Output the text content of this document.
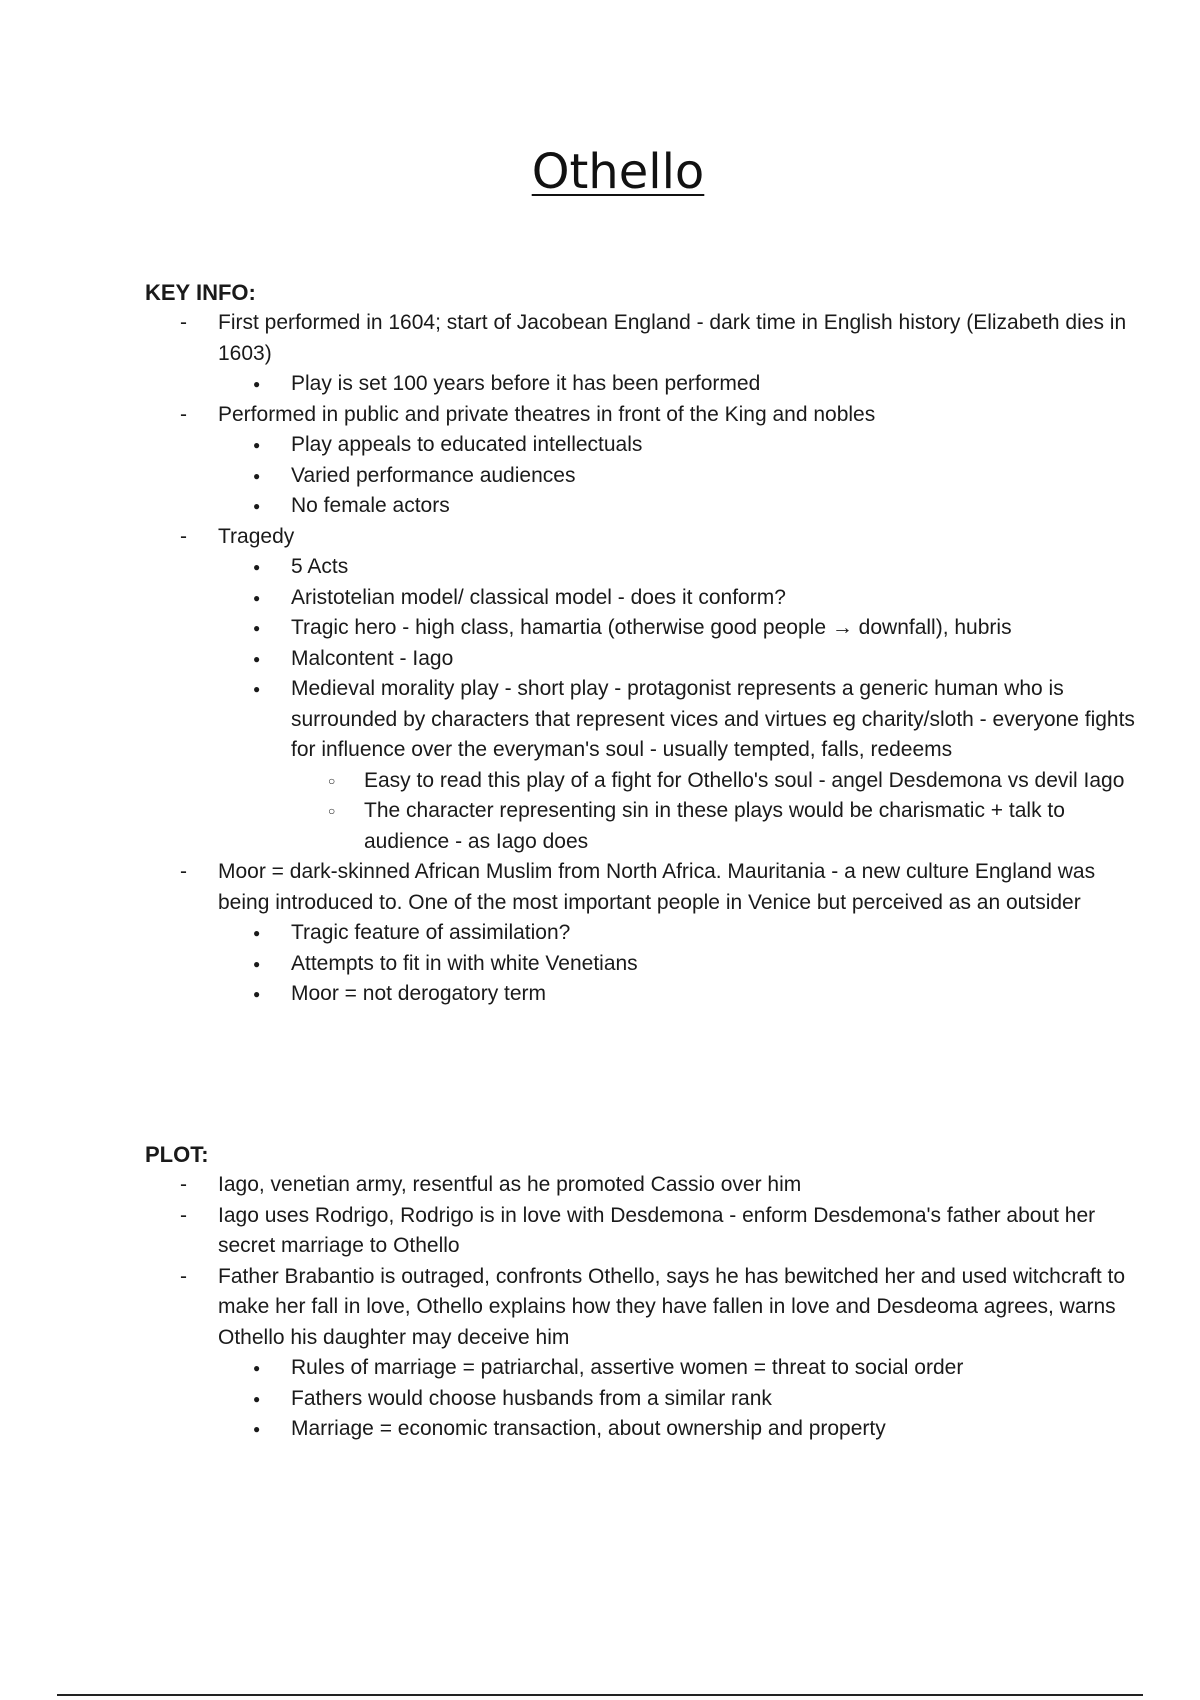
Othello

KEY INFO:

- First performed in 1604; start of Jacobean England - dark time in English history (Elizabeth dies in 1603)
● Play is set 100 years before it has been performed
- Performed in public and private theatres in front of the King and nobles
● Play appeals to educated intellectuals
● Varied performance audiences
● No female actors
- Tragedy
● 5 Acts
● Aristotelian model/ classical model - does it conform?
● Tragic hero - high class, hamartia (otherwise good people → downfall), hubris
● Malcontent - Iago
● Medieval morality play - short play - protagonist represents a generic human who is surrounded by characters that represent vices and virtues eg charity/sloth - everyone fights for influence over the everyman's soul - usually tempted, falls, redeems
○ Easy to read this play of a fight for Othello's soul - angel Desdemona vs devil Iago
○ The character representing sin in these plays would be charismatic + talk to audience - as Iago does
- Moor = dark-skinned African Muslim from North Africa. Mauritania - a new culture England was being introduced to. One of the most important people in Venice but perceived as an outsider
● Tragic feature of assimilation?
● Attempts to fit in with white Venetians
● Moor = not derogatory term

PLOT:

- Iago, venetian army, resentful as he promoted Cassio over him
- Iago uses Rodrigo, Rodrigo is in love with Desdemona - enform Desdemona's father about her secret marriage to Othello
- Father Brabantio is outraged, confronts Othello, says he has bewitched her and used witchcraft to make her fall in love, Othello explains how they have fallen in love and Desdeoma agrees, warns Othello his daughter may deceive him
● Rules of marriage = patriarchal, assertive women = threat to social order
● Fathers would choose husbands from a similar rank
● Marriage = economic transaction, about ownership and property
